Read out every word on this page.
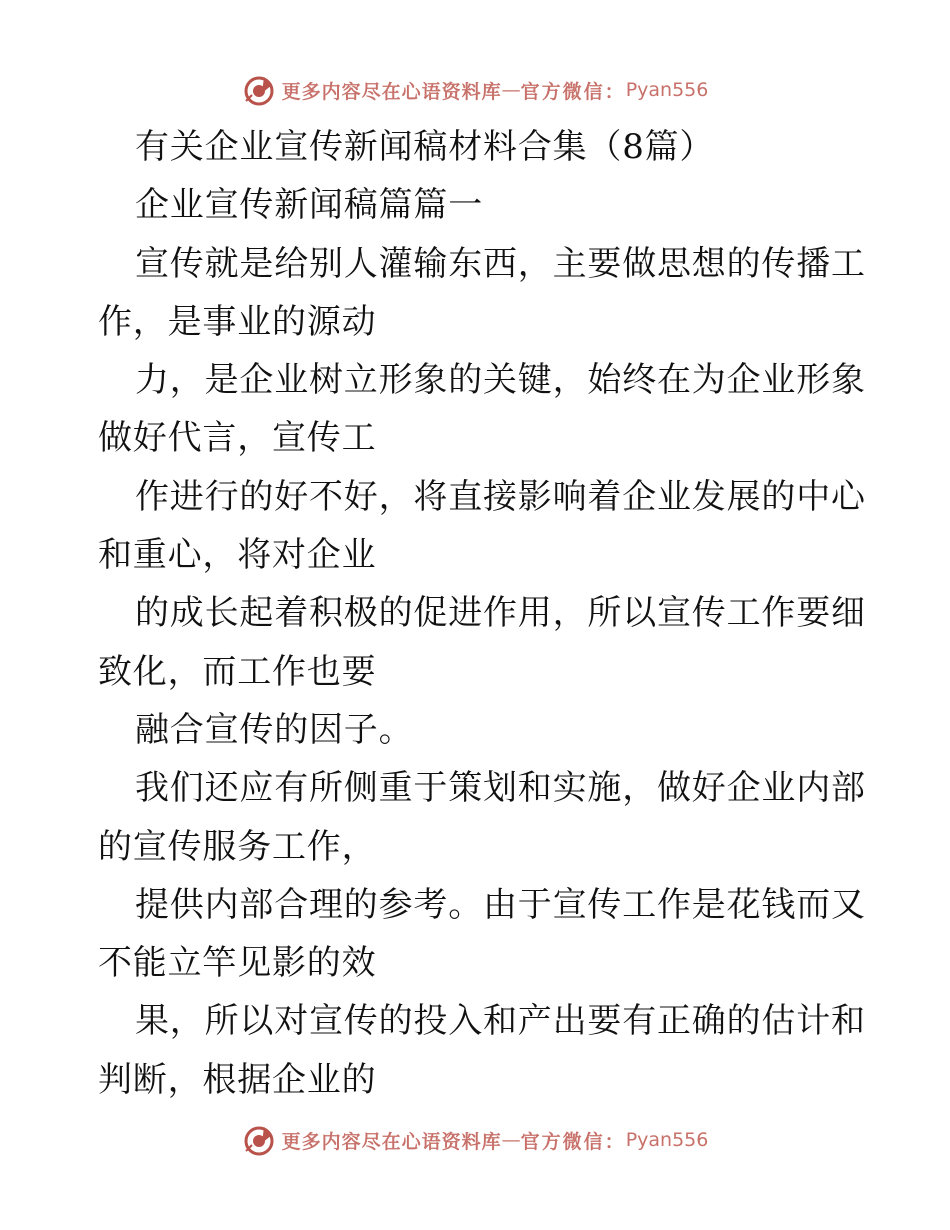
更多内容尽在心语资料库 — 官方微信： Pyan556
有关企业宣传新闻稿材料合集（8篇）
企业宣传新闻稿篇篇一
宣传就是给别人灌输东西，主要做思想的传播工
作，是事业的源动
力，是企业树立形象的关键，始终在为企业形象
做好代言，宣传工
作进行的好不好，将直接影响着企业发展的中心
和重心，将对企业
的成长起着积极的促进作用，所以宣传工作要细
致化，而工作也要
融合宣传的因子。
我们还应有所侧重于策划和实施，做好企业内部
的宣传服务工作，
提供内部合理的参考。由于宣传工作是花钱而又
不能立竿见影的效
果，所以对宣传的投入和产出要有正确的估计和
判断，根据企业的
更多内容尽在心语资料库 — 官方微信： Pyan556
